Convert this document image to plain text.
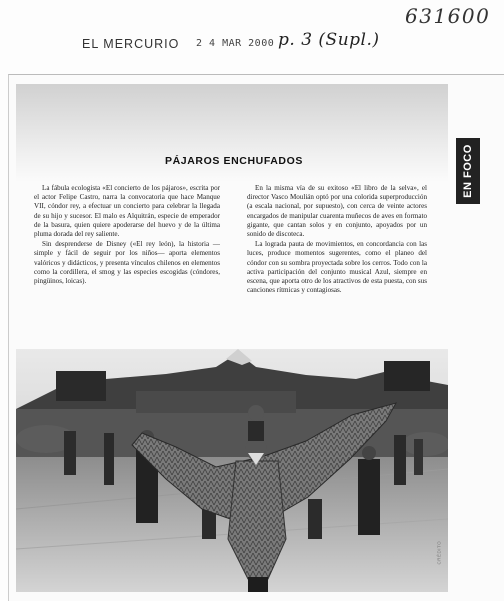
EL MERCURIO 2 4 MAR 2000 p. 3 (Supl.)
631600
EN FOCO
PÁJAROS ENCHUFADOS

La fábula ecologista «El concierto de los pájaros», escrita por el actor Felipe Castro, narra la convocatoria que hace Manque VII, cóndor rey, a efectuar un concierto para celebrar la llegada de su hijo y sucesor. El malo es Alquitrán, especie de emperador de la basura, quien quiere apoderarse del huevo y de la última pluma dorada del rey saliente.

Sin desprenderse de Disney («El rey león), la historia —simple y fácil de seguir por los niños— aporta elementos valóricos y didácticos, y presenta vínculos chilenos en elementos como la cordillera, el smog y las especies escogidas (cóndores, pingüinos, loicas).

En la misma vía de su exitoso «El libro de la selva», el director Vasco Moulián optó por una colorida superproducción (a escala nacional, por supuesto), con cerca de veinte actores encargados de manipular cuarenta muñecos de aves en formato gigante, que cantan solos y en conjunto, apoyados por un sonido de discoteca.

La lograda pauta de movimientos, en concordancia con las luces, produce momentos sugerentes, como el planeo del cóndor con su sombra proyectada sobre los cerros. Todo con la activa participación del conjunto musical Azul, siempre en escena, que aporta otro de los atractivos de esta puesta, con sus canciones rítmicas y contagiosas.
